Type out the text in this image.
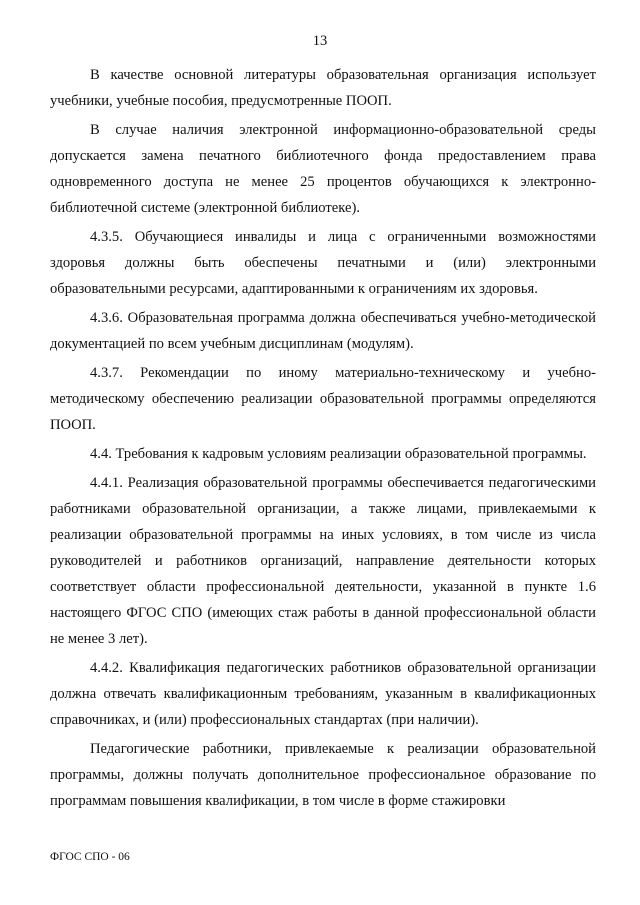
13

В качестве основной литературы образовательная организация использует учебники, учебные пособия, предусмотренные ПООП.

В случае наличия электронной информационно-образовательной среды допускается замена печатного библиотечного фонда предоставлением права одновременного доступа не менее 25 процентов обучающихся к электронно-библиотечной системе (электронной библиотеке).

4.3.5. Обучающиеся инвалиды и лица с ограниченными возможностями здоровья должны быть обеспечены печатными и (или) электронными образовательными ресурсами, адаптированными к ограничениям их здоровья.

4.3.6. Образовательная программа должна обеспечиваться учебно-методической документацией по всем учебным дисциплинам (модулям).

4.3.7. Рекомендации по иному материально-техническому и учебно-методическому обеспечению реализации образовательной программы определяются ПООП.

4.4. Требования к кадровым условиям реализации образовательной программы.

4.4.1. Реализация образовательной программы обеспечивается педагогическими работниками образовательной организации, а также лицами, привлекаемыми к реализации образовательной программы на иных условиях, в том числе из числа руководителей и работников организаций, направление деятельности которых соответствует области профессиональной деятельности, указанной в пункте 1.6 настоящего ФГОС СПО (имеющих стаж работы в данной профессиональной области не менее 3 лет).

4.4.2. Квалификация педагогических работников образовательной организации должна отвечать квалификационным требованиям, указанным в квалификационных справочниках, и (или) профессиональных стандартах (при наличии).

Педагогические работники, привлекаемые к реализации образовательной программы, должны получать дополнительное профессиональное образование по программам повышения квалификации, в том числе в форме стажировки

ФГОС СПО - 06
